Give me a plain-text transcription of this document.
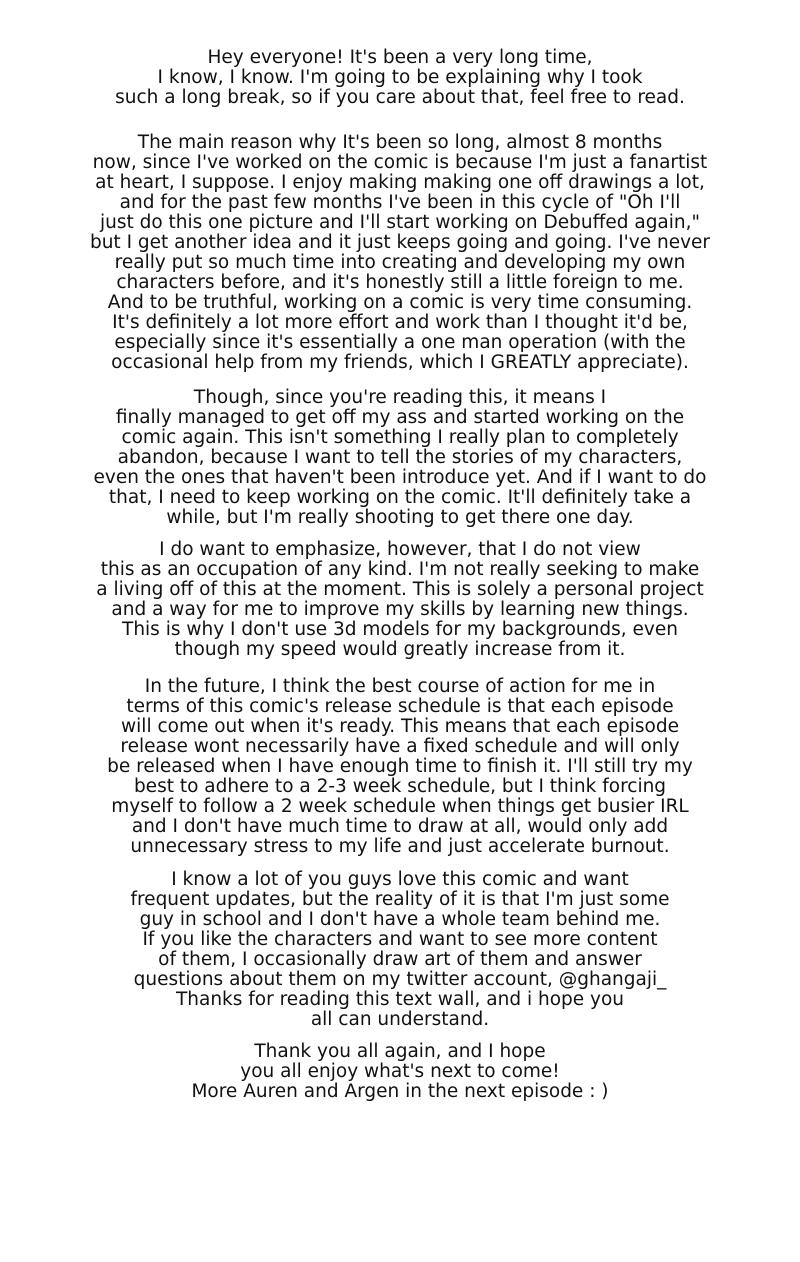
Hey everyone! It's been a very long time,
I know, I know. I'm going to be explaining why I took
such a long break, so if you care about that, feel free to read.

The main reason why It's been so long, almost 8 months
now, since I've worked on the comic is because I'm just a fanartist
at heart, I suppose. I enjoy making making one off drawings a lot,
and for the past few months I've been in this cycle of "Oh I'll
just do this one picture and I'll start working on Debuffed again,"
but I get another idea and it just keeps going and going. I've never
really put so much time into creating and developing my own
characters before, and it's honestly still a little foreign to me.
And to be truthful, working on a comic is very time consuming.
It's definitely a lot more effort and work than I thought it'd be,
especially since it's essentially a one man operation (with the
occasional help from my friends, which I GREATLY appreciate).

Though, since you're reading this, it means I
finally managed to get off my ass and started working on the
comic again. This isn't something I really plan to completely
abandon, because I want to tell the stories of my characters,
even the ones that haven't been introduce yet. And if I want to do
that, I need to keep working on the comic. It'll definitely take a
while, but I'm really shooting to get there one day.

I do want to emphasize, however, that I do not view
this as an occupation of any kind. I'm not really seeking to make
a living off of this at the moment. This is solely a personal project
and a way for me to improve my skills by learning new things.
This is why I don't use 3d models for my backgrounds, even
though my speed would greatly increase from it.

In the future, I think the best course of action for me in
terms of this comic's release schedule is that each episode
will come out when it's ready. This means that each episode
release wont necessarily have a fixed schedule and will only
be released when I have enough time to finish it. I'll still try my
best to adhere to a 2-3 week schedule, but I think forcing
myself to follow a 2 week schedule when things get busier IRL
and I don't have much time to draw at all, would only add
unnecessary stress to my life and just accelerate burnout.

I know a lot of you guys love this comic and want
frequent updates, but the reality of it is that I'm just some
guy in school and I don't have a whole team behind me.
If you like the characters and want to see more content
of them, I occasionally draw art of them and answer
questions about them on my twitter account, @ghangaji_
Thanks for reading this text wall, and i hope you
all can understand.

Thank you all again, and I hope
you all enjoy what's next to come!
More Auren and Argen in the next episode : )
